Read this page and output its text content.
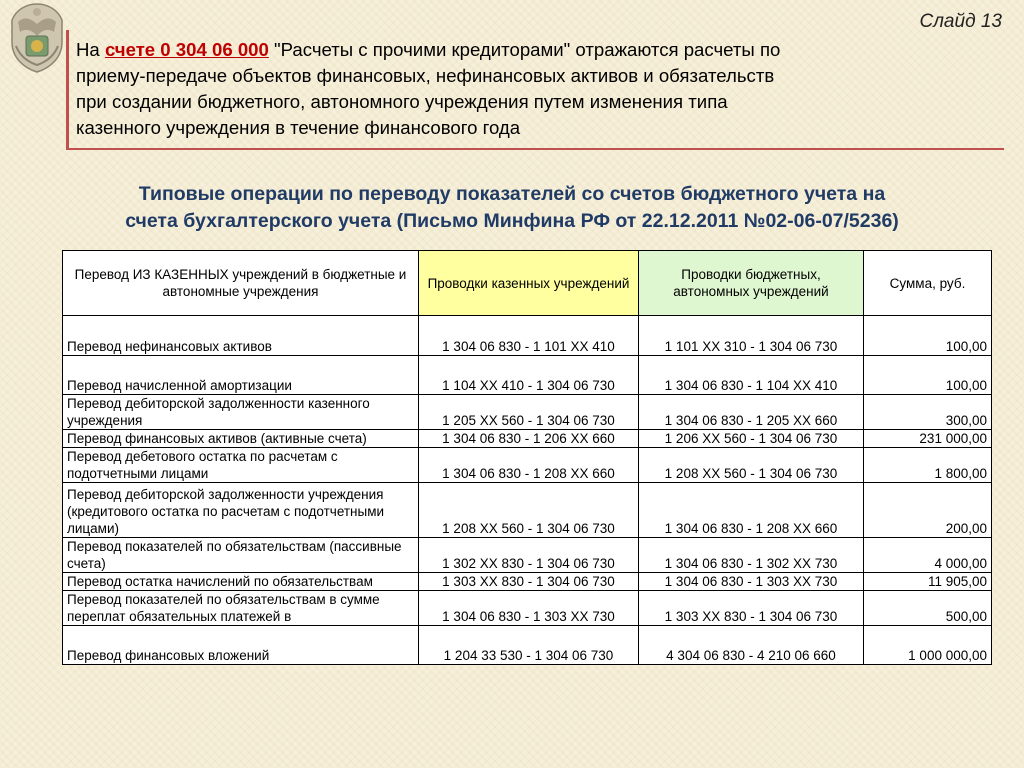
Слайд 13

На счете 0 304 06 000 "Расчеты с прочими кредиторами" отражаются расчеты по
приему-передаче объектов финансовых, нефинансовых активов и обязательств
при создании бюджетного, автономного учреждения путем изменения типа
казенного учреждения в течение финансового года

Типовые операции по переводу показателей со счетов бюджетного учета на
счета бухгалтерского учета (Письмо Минфина РФ от 22.12.2011 №02-06-07/5236)

Перевод ИЗ КАЗЕННЫХ учреждений в бюджетные и автономные учреждения	Проводки казенных учреждений	Проводки бюджетных, автономных учреждений	Сумма, руб.
Перевод нефинансовых активов	1 304 06 830 - 1 101 ХХ 410	1 101 ХХ 310 - 1 304 06 730	100,00
Перевод начисленной амортизации	1 104 ХХ 410 - 1 304 06 730	1 304 06 830 - 1 104 ХХ 410	100,00
Перевод дебиторской задолженности казенного учреждения	1 205 ХХ 560 - 1 304 06 730	1 304 06 830 - 1 205 ХХ 660	300,00
Перевод финансовых активов (активные счета)	1 304 06 830 - 1 206 ХХ 660	1 206 ХХ 560 - 1 304 06 730	231 000,00
Перевод дебетового остатка по расчетам с подотчетными лицами	1 304 06 830 - 1 208 ХХ 660	1 208 ХХ 560 - 1 304 06 730	1 800,00
Перевод дебиторской задолженности учреждения (кредитового остатка по расчетам с подотчетными лицами)	1 208 ХХ 560 - 1 304 06 730	1 304 06 830 - 1 208 ХХ 660	200,00
Перевод показателей по обязательствам (пассивные счета)	1 302 ХХ 830 - 1 304 06 730	1 304 06 830 - 1 302 ХХ 730	4 000,00
Перевод остатка начислений по обязательствам	1 303 ХХ 830 - 1 304 06 730	1 304 06 830 - 1 303 ХХ 730	11 905,00
Перевод показателей по обязательствам в сумме переплат обязательных платежей в	1 304 06 830 - 1 303 ХХ 730	1 303 ХХ 830 - 1 304 06 730	500,00
Перевод финансовых вложений	1 204 33 530 - 1 304 06 730	4 304 06 830 - 4 210 06 660	1 000 000,00
